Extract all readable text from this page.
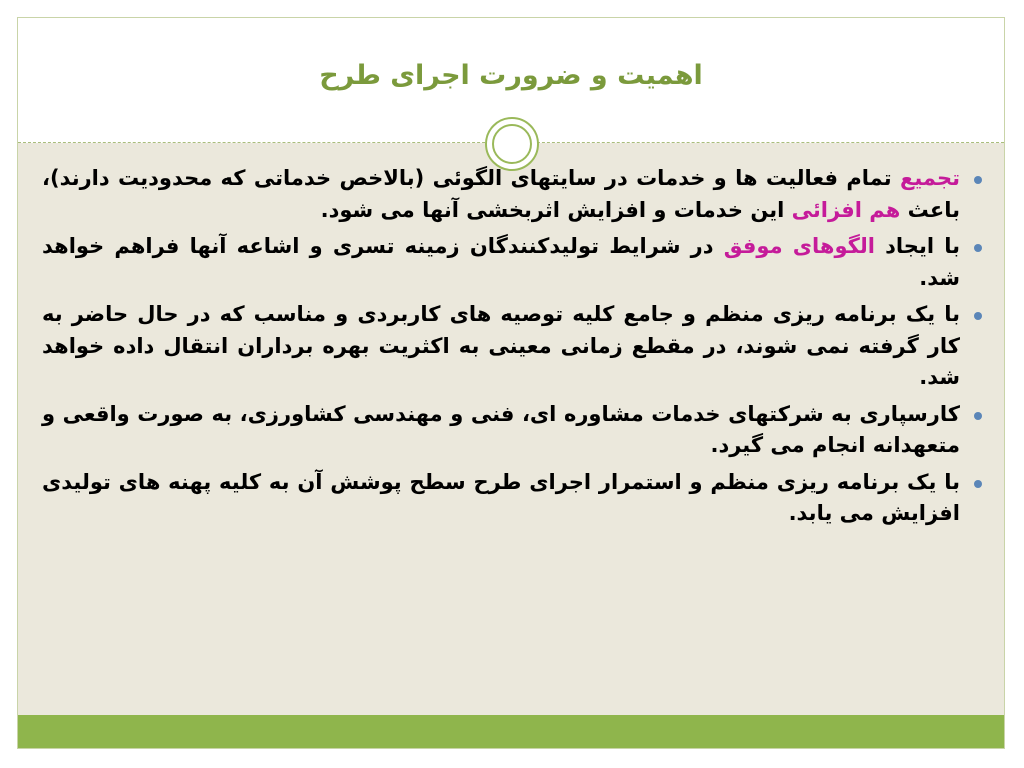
اهمیت و ضرورت اجرای طرح
تجمیع تمام فعالیت ها و خدمات در سایتهای الگوئی (بالاخص خدماتی که محدودیت دارند)، باعث هم افزائی این خدمات و افزایش اثربخشی آنها می شود.
با ایجاد الگوهای موفق در شرایط تولیدکنندگان زمینه تسری و اشاعه آنها فراهم خواهد شد.
با یک برنامه ریزی منظم و جامع کلیه توصیه های کاربردی و مناسب که در حال حاضر به کار گرفته نمی شوند، در مقطع زمانی معینی به اکثریت بهره برداران انتقال داده خواهد شد.
کارسپاری به شرکتهای خدمات مشاوره ای، فنی و مهندسی کشاورزی، به صورت واقعی و متعهدانه انجام می گیرد.
با یک برنامه ریزی منظم و استمرار اجرای طرح سطح پوشش آن به کلیه پهنه های تولیدی افزایش می یابد.
